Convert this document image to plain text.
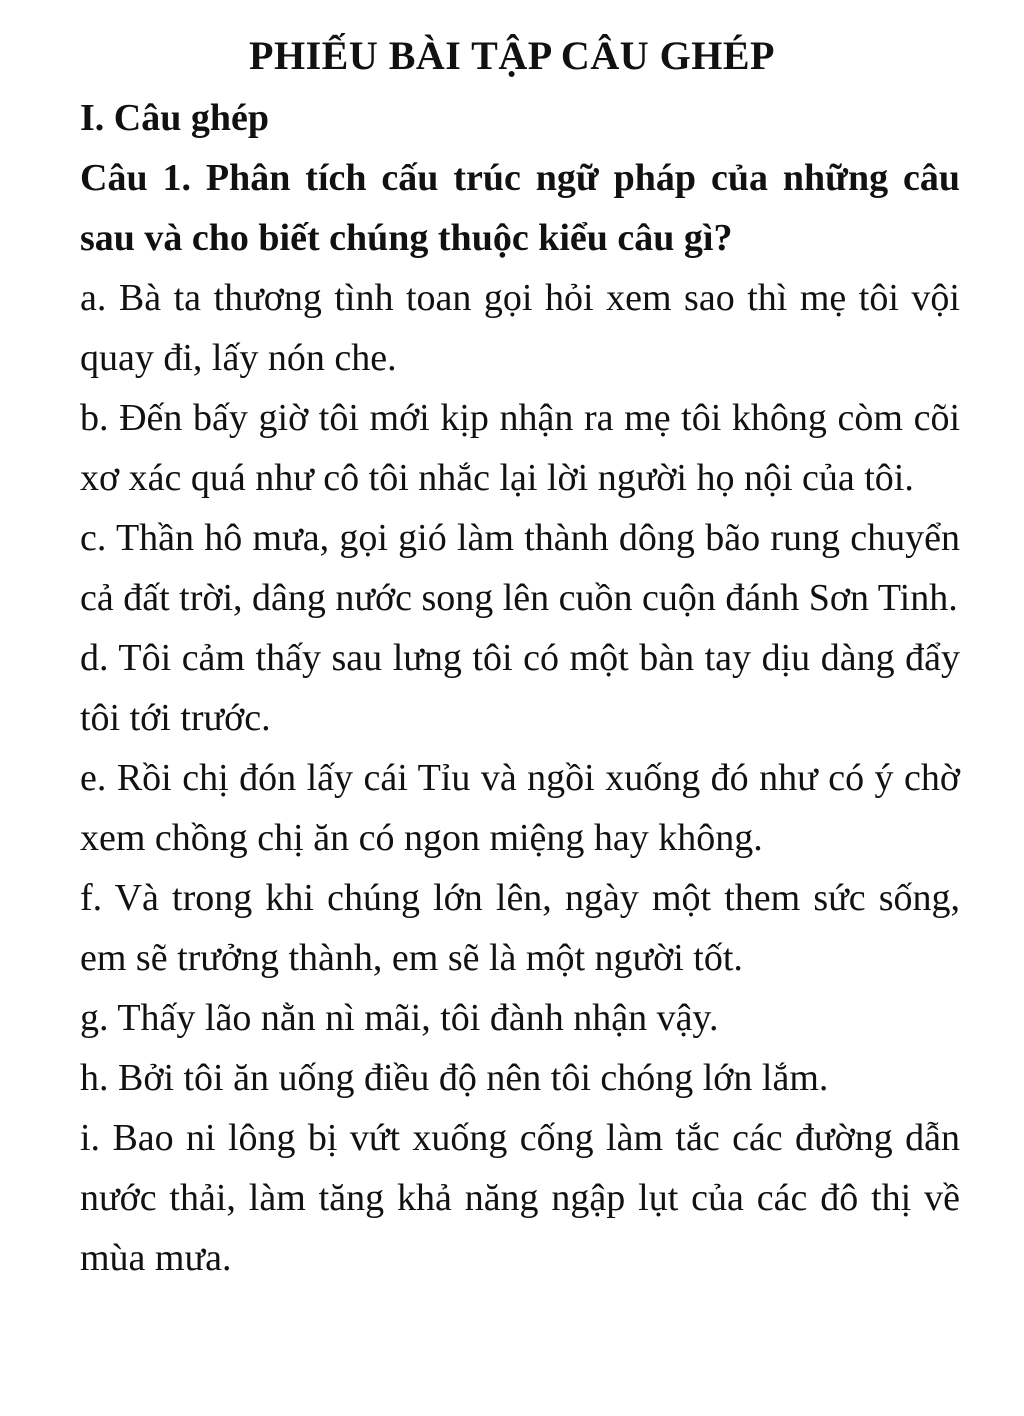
PHIẾU BÀI TẬP CÂU GHÉP
I. Câu ghép
Câu 1. Phân tích cấu trúc ngữ pháp của những câu sau và cho biết chúng thuộc kiểu câu gì?
a. Bà ta thương tình toan gọi hỏi xem sao thì mẹ tôi vội quay đi, lấy nón che.
b. Đến bấy giờ tôi mới kịp nhận ra mẹ tôi không còm cõi xơ xác quá như cô tôi nhắc lại lời người họ nội của tôi.
c. Thần hô mưa, gọi gió làm thành dông bão rung chuyển cả đất trời, dâng nước song lên cuồn cuộn đánh Sơn Tinh.
d. Tôi cảm thấy sau lưng tôi có một bàn tay dịu dàng đẩy tôi tới trước.
e. Rồi chị đón lấy cái Tỉu và ngồi xuống đó như có ý chờ xem chồng chị ăn có ngon miệng hay không.
f. Và trong khi chúng lớn lên, ngày một them sức sống, em sẽ trưởng thành, em sẽ là một người tốt.
g. Thấy lão nằn nì mãi, tôi đành nhận vậy.
h. Bởi tôi ăn uống điều độ nên tôi chóng lớn lắm.
i. Bao ni lông bị vứt xuống cống làm tắc các đường dẫn nước thải, làm tăng khả năng ngập lụt của các đô thị về mùa mưa.
